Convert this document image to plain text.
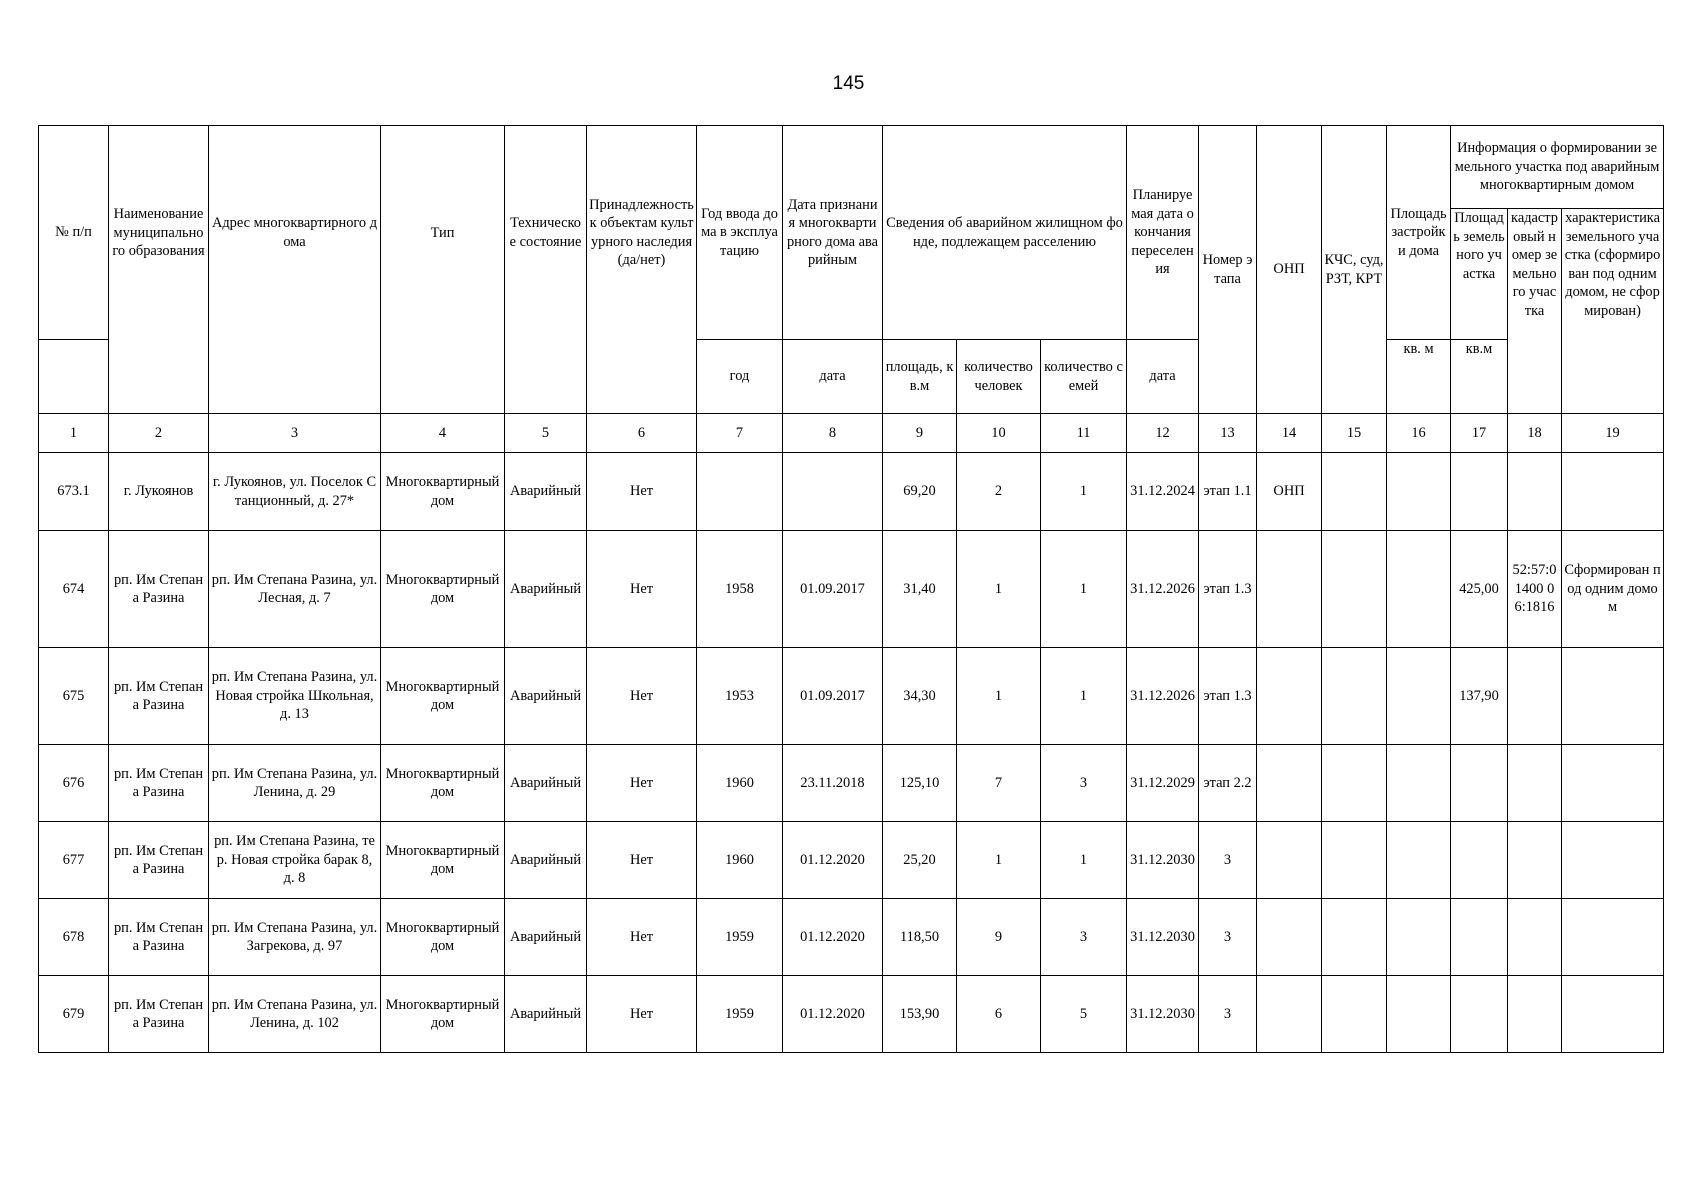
145
№ п/п	Наименование муниципального образования	Адрес многоквартирного дома	Тип	Техническое состояние	Принадлежность к объектам культурного наследия (да/нет)	Год ввода дома в эксплуатацию	Дата признания многоквартирного дома аварийным	Сведения об аварийном жилищном фонде, подлежащем расселению			Планируемая дата окончания переселения	Номер этапа	ОНП	КЧС, суд, РЗТ, КРТ	Площадь застройки дома	Информация о формировании земельного участка под аварийным многоквартирным домом		
																Площадь земельного участка	кадастровый номер земельного участка	характеристика земельного участка (сформирован под одним домом, не сформирован)
						год	дата	площадь, кв.м	количество человек	количество семей	дата				кв. м	кв.м		
1	2	3	4	5	6	7	8	9	10	11	12	13	14	15	16	17	18	19
673.1	г. Лукоянов	г. Лукоянов, ул. Поселок Станционный, д. 27*	Многоквартирный дом	Аварийный	Нет			69,20	2	1	31.12.2024	этап 1.1	ОНП					
674	рп. Им Степана Разина	рп. Им Степана Разина, ул. Лесная, д. 7	Многоквартирный дом	Аварийный	Нет	1958	01.09.2017	31,40	1	1	31.12.2026	этап 1.3				425,00	52:57:01400 06:1816	Сформирован под одним домом
675	рп. Им Степана Разина	рп. Им Степана Разина, ул. Новая стройка Школьная, д. 13	Многоквартирный дом	Аварийный	Нет	1953	01.09.2017	34,30	1	1	31.12.2026	этап 1.3				137,90		
676	рп. Им Степана Разина	рп. Им Степана Разина, ул. Ленина, д. 29	Многоквартирный дом	Аварийный	Нет	1960	23.11.2018	125,10	7	3	31.12.2029	этап 2.2						
677	рп. Им Степана Разина	рп. Им Степана Разина, тер. Новая стройка барак 8, д. 8	Многоквартирный дом	Аварийный	Нет	1960	01.12.2020	25,20	1	1	31.12.2030	3						
678	рп. Им Степана Разина	рп. Им Степана Разина, ул. Загрекова, д. 97	Многоквартирный дом	Аварийный	Нет	1959	01.12.2020	118,50	9	3	31.12.2030	3						
679	рп. Им Степана Разина	рп. Им Степана Разина, ул. Ленина, д. 102	Многоквартирный дом	Аварийный	Нет	1959	01.12.2020	153,90	6	5	31.12.2030	3						
